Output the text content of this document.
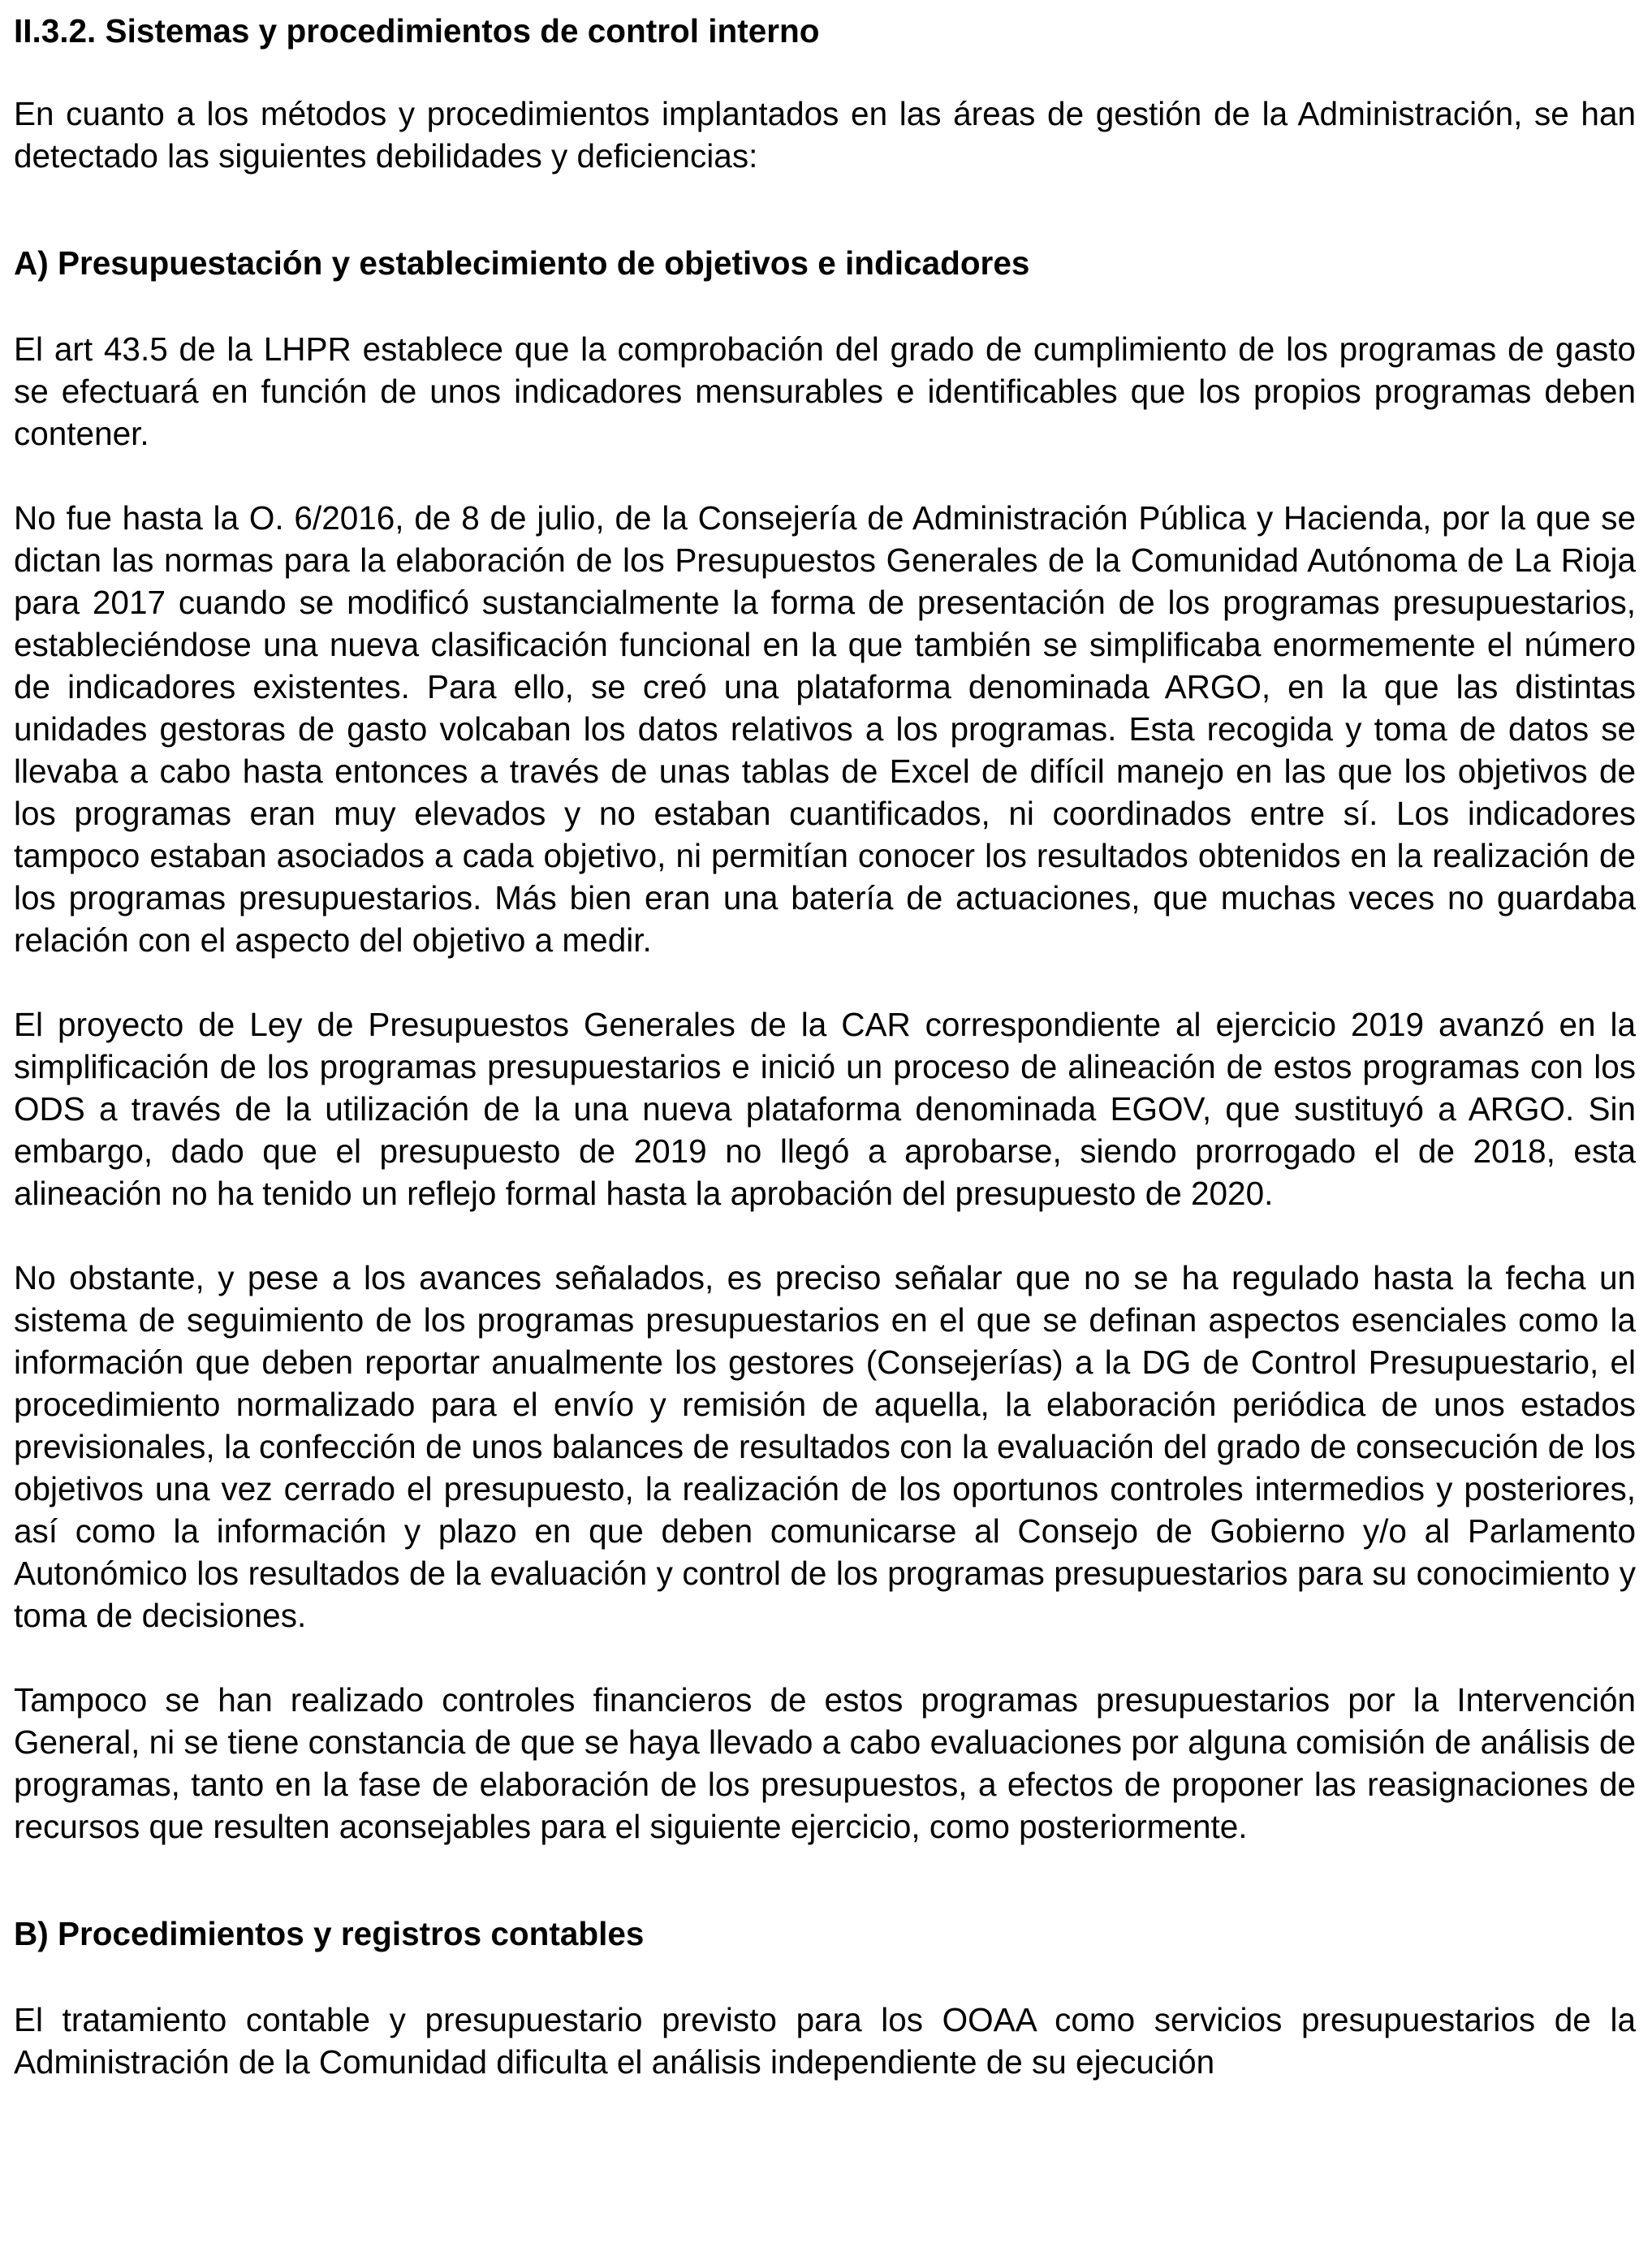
II.3.2. Sistemas y procedimientos de control interno

En cuanto a los métodos y procedimientos implantados en las áreas de gestión de la Administración, se han detectado las siguientes debilidades y deficiencias:

A) Presupuestación y establecimiento de objetivos e indicadores

El art 43.5 de la LHPR establece que la comprobación del grado de cumplimiento de los programas de gasto se efectuará en función de unos indicadores mensurables e identificables que los propios programas deben contener.

No fue hasta la O. 6/2016, de 8 de julio, de la Consejería de Administración Pública y Hacienda, por la que se dictan las normas para la elaboración de los Presupuestos Generales de la Comunidad Autónoma de La Rioja para 2017 cuando se modificó sustancialmente la forma de presentación de los programas presupuestarios, estableciéndose una nueva clasificación funcional en la que también se simplificaba enormemente el número de indicadores existentes. Para ello, se creó una plataforma denominada ARGO, en la que las distintas unidades gestoras de gasto volcaban los datos relativos a los programas. Esta recogida y toma de datos se llevaba a cabo hasta entonces a través de unas tablas de Excel de difícil manejo en las que los objetivos de los programas eran muy elevados y no estaban cuantificados, ni coordinados entre sí. Los indicadores tampoco estaban asociados a cada objetivo, ni permitían conocer los resultados obtenidos en la realización de los programas presupuestarios. Más bien eran una batería de actuaciones, que muchas veces no guardaba relación con el aspecto del objetivo a medir.

El proyecto de Ley de Presupuestos Generales de la CAR correspondiente al ejercicio 2019 avanzó en la simplificación de los programas presupuestarios e inició un proceso de alineación de estos programas con los ODS a través de la utilización de la una nueva plataforma denominada EGOV, que sustituyó a ARGO. Sin embargo, dado que el presupuesto de 2019 no llegó a aprobarse, siendo prorrogado el de 2018, esta alineación no ha tenido un reflejo formal hasta la aprobación del presupuesto de 2020.

No obstante, y pese a los avances señalados, es preciso señalar que no se ha regulado hasta la fecha un sistema de seguimiento de los programas presupuestarios en el que se definan aspectos esenciales como la información que deben reportar anualmente los gestores (Consejerías) a la DG de Control Presupuestario, el procedimiento normalizado para el envío y remisión de aquella, la elaboración periódica de unos estados previsionales, la confección de unos balances de resultados con la evaluación del grado de consecución de los objetivos una vez cerrado el presupuesto, la realización de los oportunos controles intermedios y posteriores, así como la información y plazo en que deben comunicarse al Consejo de Gobierno y/o al Parlamento Autonómico los resultados de la evaluación y control de los programas presupuestarios para su conocimiento y toma de decisiones.

Tampoco se han realizado controles financieros de estos programas presupuestarios por la Intervención General, ni se tiene constancia de que se haya llevado a cabo evaluaciones por alguna comisión de análisis de programas, tanto en la fase de elaboración de los presupuestos, a efectos de proponer las reasignaciones de recursos que resulten aconsejables para el siguiente ejercicio, como posteriormente.

B) Procedimientos y registros contables

El tratamiento contable y presupuestario previsto para los OOAA como servicios presupuestarios de la Administración de la Comunidad dificulta el análisis independiente de su ejecución
